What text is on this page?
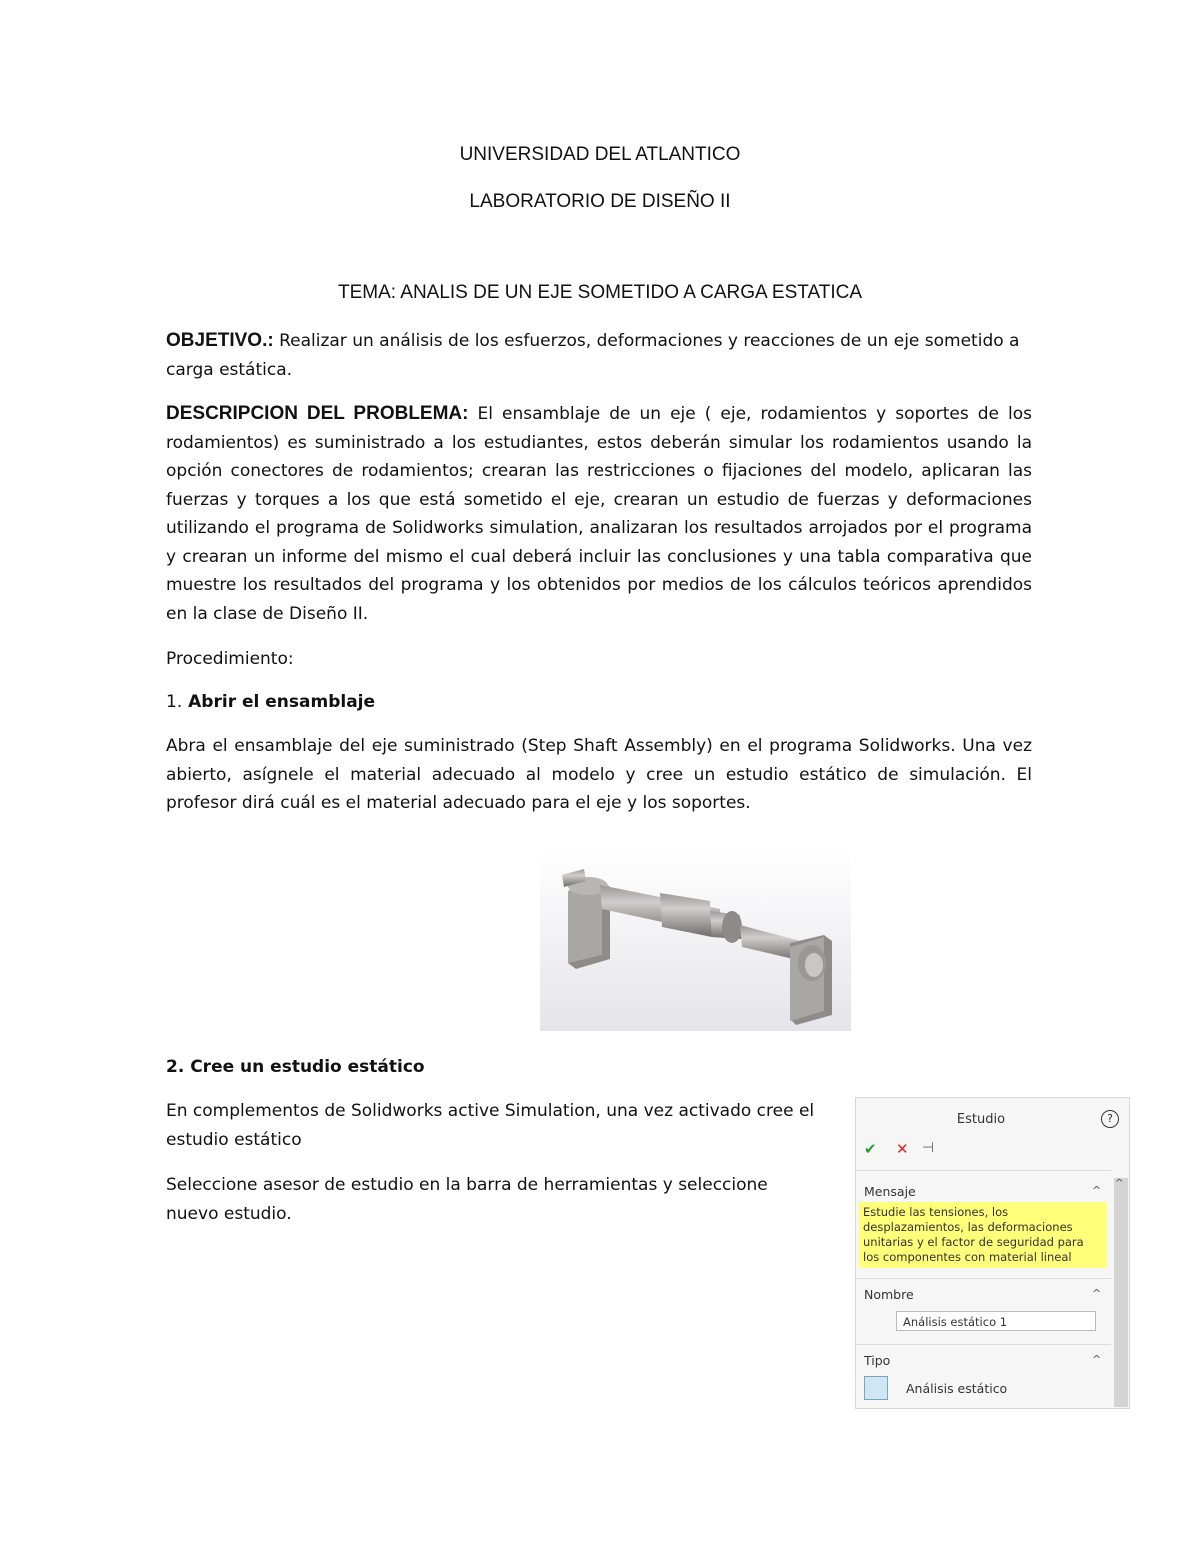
UNIVERSIDAD DEL ATLANTICO
LABORATORIO DE DISEÑO II
TEMA: ANALIS DE UN EJE SOMETIDO A CARGA ESTATICA
OBJETIVO.: Realizar un análisis de los esfuerzos, deformaciones y reacciones de un eje sometido a carga estática.
DESCRIPCION DEL PROBLEMA: El ensamblaje de un eje ( eje, rodamientos y soportes de los rodamientos) es suministrado a los estudiantes, estos deberán simular los rodamientos usando la opción conectores de rodamientos; crearan las restricciones o fijaciones del modelo, aplicaran las fuerzas y torques a los que está sometido el eje, crearan un estudio de fuerzas y deformaciones utilizando el programa de Solidworks simulation, analizaran los resultados arrojados por el programa y crearan un informe del mismo el cual deberá incluir las conclusiones y una tabla comparativa que muestre los resultados del programa y los obtenidos por medios de los cálculos teóricos aprendidos en la clase de Diseño II.
Procedimiento:
1. Abrir el ensamblaje
Abra el ensamblaje del eje suministrado (Step Shaft Assembly) en el programa Solidworks. Una vez abierto, asígnele el material adecuado al modelo y cree un estudio estático de simulación. El profesor dirá cuál es el material adecuado para el eje y los soportes.
2. Cree un estudio estático
En complementos de Solidworks active Simulation, una vez activado cree el estudio estático
Seleccione asesor de estudio en la barra de herramientas y seleccione nuevo estudio.
Estudio	?
✔ ✕ ⊣
Mensaje	^
Estudie las tensiones, los desplazamientos, las deformaciones unitarias y el factor de seguridad para los componentes con material lineal
Nombre	^
Análisis estático 1
Tipo	^
Análisis estático
^
